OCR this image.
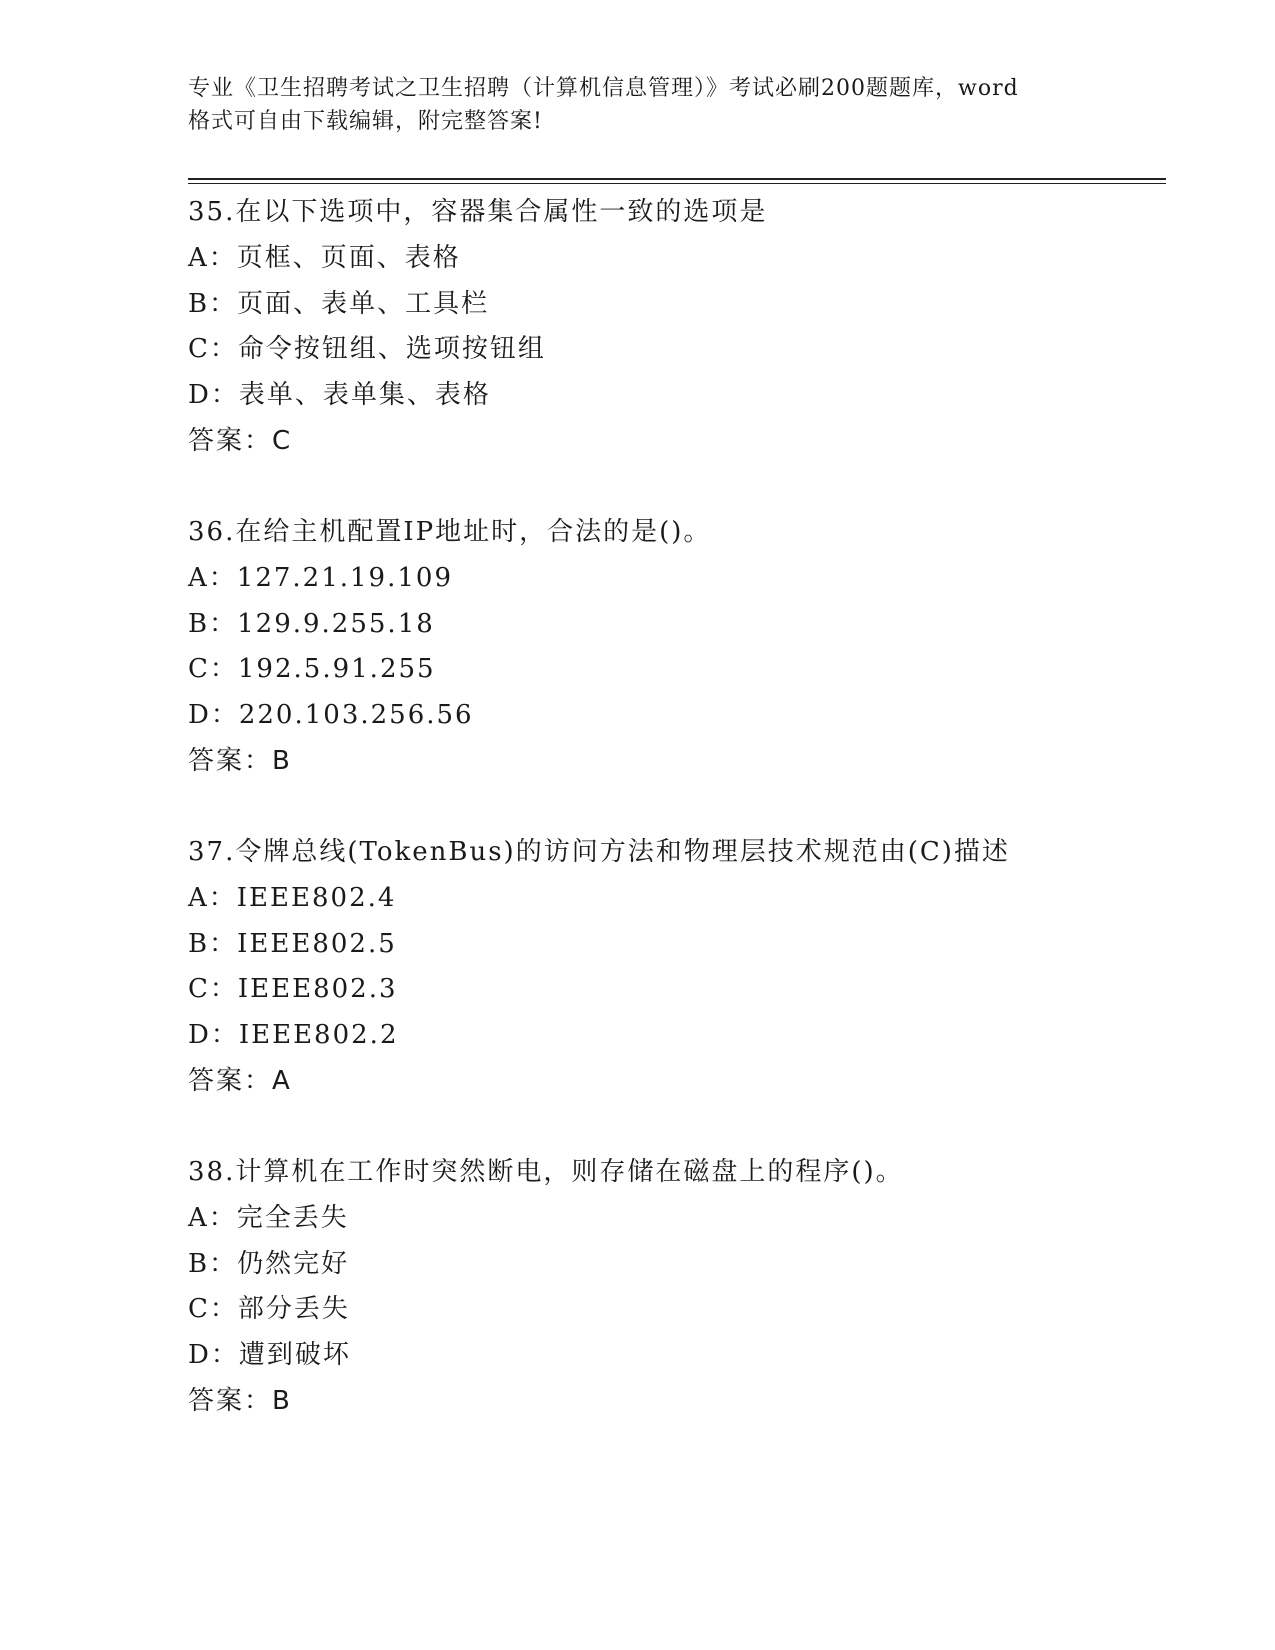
专业《卫生招聘考试之卫生招聘（计算机信息管理）》考试必刷200题题库，word
格式可自由下载编辑，附完整答案!
35.在以下选项中，容器集合属性一致的选项是
A：页框、页面、表格
B：页面、表单、工具栏
C：命令按钮组、选项按钮组
D：表单、表单集、表格
答案：C
36.在给主机配置IP地址时，合法的是()。
A：127.21.19.109
B：129.9.255.18
C：192.5.91.255
D：220.103.256.56
答案：B
37.令牌总线(TokenBus)的访问方法和物理层技术规范由(C)描述
A：IEEE802.4
B：IEEE802.5
C：IEEE802.3
D：IEEE802.2
答案：A
38.计算机在工作时突然断电，则存储在磁盘上的程序()。
A：完全丢失
B：仍然完好
C：部分丢失
D：遭到破坏
答案：B
